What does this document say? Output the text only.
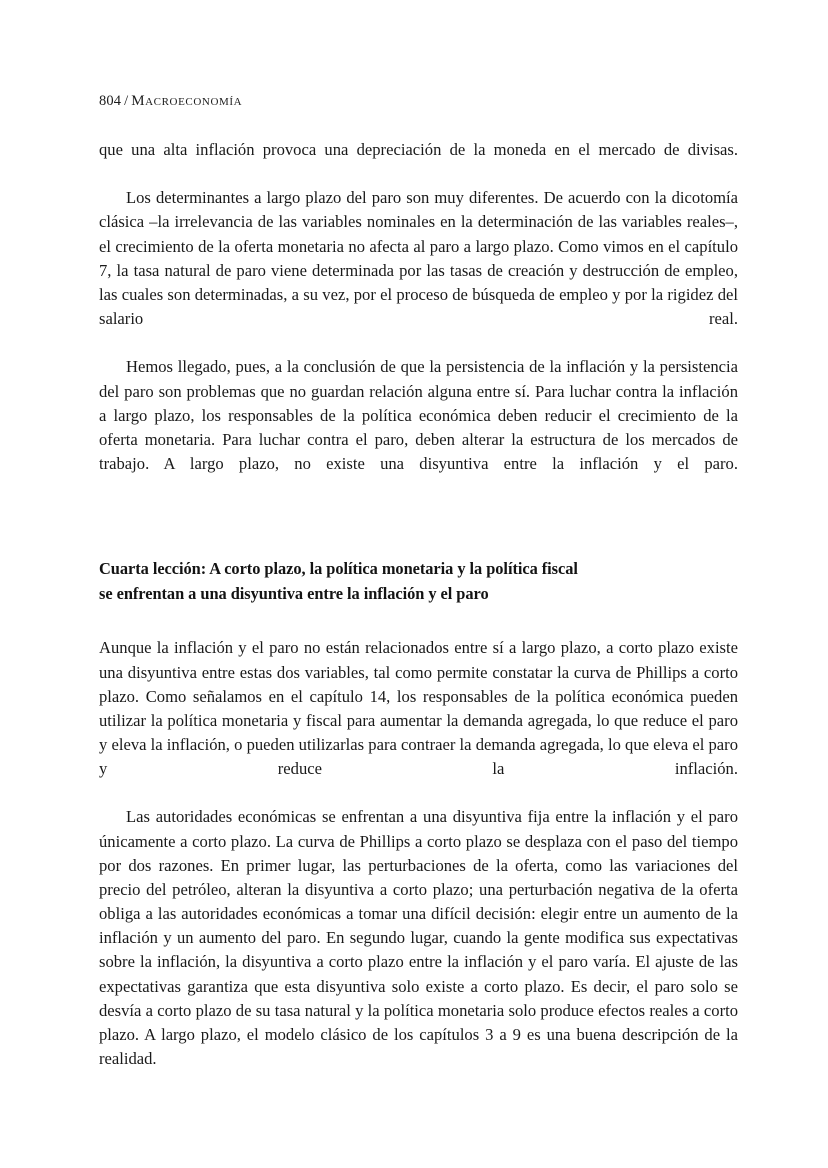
804 / Macroeconomía

que una alta inflación provoca una depreciación de la moneda en el mercado de divisas.

Los determinantes a largo plazo del paro son muy diferentes. De acuerdo con la dicotomía clásica –la irrelevancia de las variables nominales en la determinación de las variables reales–, el crecimiento de la oferta monetaria no afecta al paro a largo plazo. Como vimos en el capítulo 7, la tasa natural de paro viene determinada por las tasas de creación y destrucción de empleo, las cuales son determinadas, a su vez, por el proceso de búsqueda de empleo y por la rigidez del salario real.

Hemos llegado, pues, a la conclusión de que la persistencia de la inflación y la persistencia del paro son problemas que no guardan relación alguna entre sí. Para luchar contra la inflación a largo plazo, los responsables de la política económica deben reducir el crecimiento de la oferta monetaria. Para luchar contra el paro, deben alterar la estructura de los mercados de trabajo. A largo plazo, no existe una disyuntiva entre la inflación y el paro.

Cuarta lección: A corto plazo, la política monetaria y la política fiscal
se enfrentan a una disyuntiva entre la inflación y el paro

Aunque la inflación y el paro no están relacionados entre sí a largo plazo, a corto plazo existe una disyuntiva entre estas dos variables, tal como permite constatar la curva de Phillips a corto plazo. Como señalamos en el capítulo 14, los responsables de la política económica pueden utilizar la política monetaria y fiscal para aumentar la demanda agregada, lo que reduce el paro y eleva la inflación, o pueden utilizarlas para contraer la demanda agregada, lo que eleva el paro y reduce la inflación.

Las autoridades económicas se enfrentan a una disyuntiva fija entre la inflación y el paro únicamente a corto plazo. La curva de Phillips a corto plazo se desplaza con el paso del tiempo por dos razones. En primer lugar, las perturbaciones de la oferta, como las variaciones del precio del petróleo, alteran la disyuntiva a corto plazo; una perturbación negativa de la oferta obliga a las autoridades económicas a tomar una difícil decisión: elegir entre un aumento de la inflación y un aumento del paro. En segundo lugar, cuando la gente modifica sus expectativas sobre la inflación, la disyuntiva a corto plazo entre la inflación y el paro varía. El ajuste de las expectativas garantiza que esta disyuntiva solo existe a corto plazo. Es decir, el paro solo se desvía a corto plazo de su tasa natural y la política monetaria solo produce efectos reales a corto plazo. A largo plazo, el modelo clásico de los capítulos 3 a 9 es una buena descripción de la realidad.
